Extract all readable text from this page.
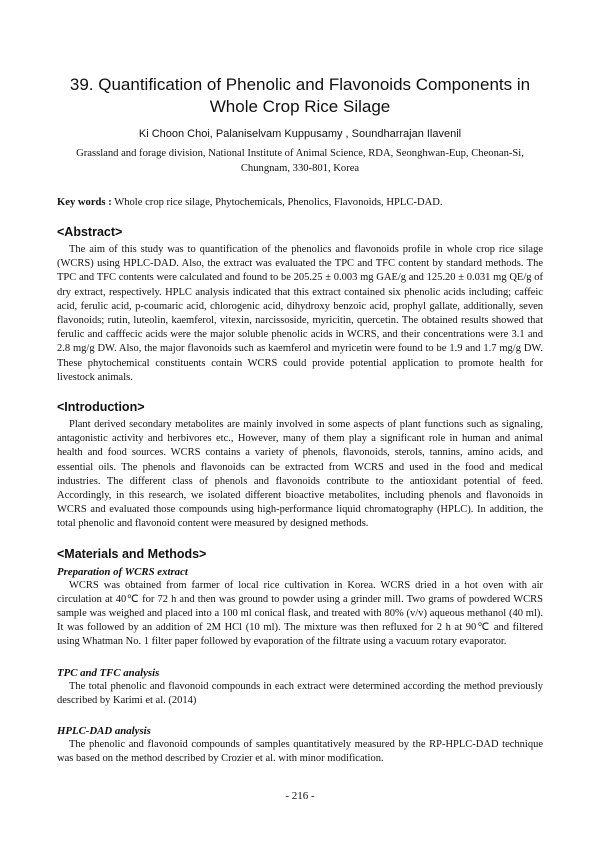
39. Quantification of Phenolic and Flavonoids Components in Whole Crop Rice Silage
Ki Choon Choi, Palaniselvam Kuppusamy , Soundharrajan Ilavenil
Grassland and forage division, National Institute of Animal Science, RDA, Seonghwan-Eup, Cheonan-Si, Chungnam, 330-801, Korea
Key words : Whole crop rice silage, Phytochemicals, Phenolics, Flavonoids, HPLC-DAD.
<Abstract>

The aim of this study was to quantification of the phenolics and flavonoids profile in whole crop rice silage (WCRS) using HPLC-DAD. Also, the extract was evaluated the TPC and TFC content by standard methods. The TPC and TFC contents were calculated and found to be 205.25 ± 0.003 mg GAE/g and 125.20 ± 0.031 mg QE/g of dry extract, respectively. HPLC analysis indicated that this extract contained six phenolic acids including; caffeic acid, ferulic acid, p-coumaric acid, chlorogenic acid, dihydroxy benzoic acid, prophyl gallate, additionally, seven flavonoids; rutin, luteolin, kaemferol, vitexin, narcissoside, myricitin, quercetin. The obtained results showed that ferulic and cafffecic acids were the major soluble phenolic acids in WCRS, and their concentrations were 3.1 and 2.8 mg/g DW. Also, the major flavonoids such as kaemferol and myricetin were found to be 1.9 and 1.7 mg/g DW. These phytochemical constituents contain WCRS could provide potential application to promote health for livestock animals.

<Introduction>

Plant derived secondary metabolites are mainly involved in some aspects of plant functions such as signaling, antagonistic activity and herbivores etc., However, many of them play a significant role in human and animal health and food sources. WCRS contains a variety of phenols, flavonoids, sterols, tannins, amino acids, and essential oils. The phenols and flavonoids can be extracted from WCRS and used in the food and medical industries. The different class of phenols and flavonoids contribute to the antioxidant potential of feed. Accordingly, in this research, we isolated different bioactive metabolites, including phenols and flavonoids in WCRS and evaluated those compounds using high-performance liquid chromatography (HPLC). In addition, the total phenolic and flavonoid content were measured by designed methods.

<Materials and Methods>
Preparation of WCRS extract

WCRS was obtained from farmer of local rice cultivation in Korea. WCRS dried in a hot oven with air circulation at 40℃ for 72 h and then was ground to powder using a grinder mill. Two grams of powdered WCRS sample was weighed and placed into a 100 ml conical flask, and treated with 80% (v/v) aqueous methanol (40 ml). It was followed by an addition of 2M HCl (10 ml). The mixture was then refluxed for 2 h at 90℃ and filtered using Whatman No. 1 filter paper followed by evaporation of the filtrate using a vacuum rotary evaporator.

TPC and TFC analysis

The total phenolic and flavonoid compounds in each extract were determined according the method previously described by Karimi et al. (2014)

HPLC-DAD analysis

The phenolic and flavonoid compounds of samples quantitatively measured by the RP-HPLC-DAD technique was based on the method described by Crozier et al. with minor modification.

- 216 -
